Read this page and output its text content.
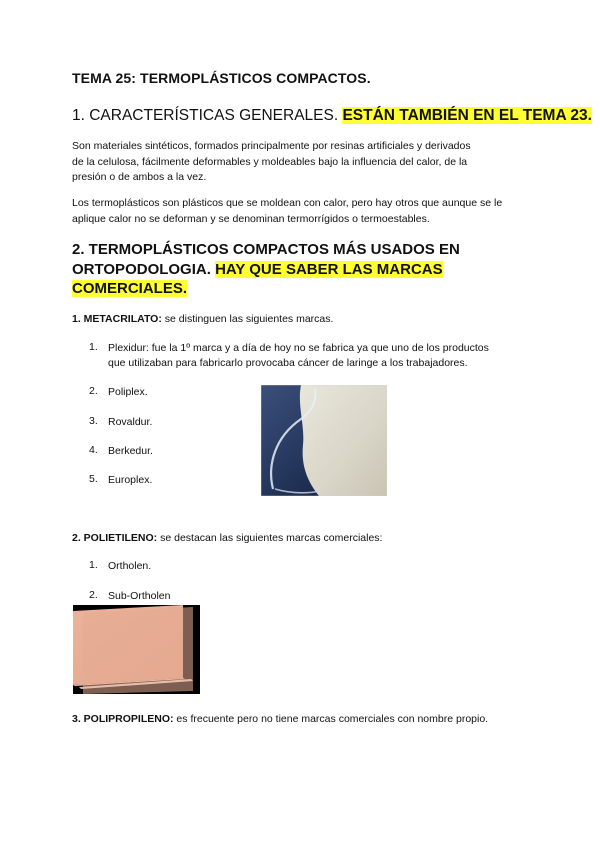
TEMA 25: TERMOPLÁSTICOS COMPACTOS.

1. CARACTERÍSTICAS GENERALES. ESTÁN TAMBIÉN EN EL TEMA 23.

Son materiales sintéticos, formados principalmente por resinas artificiales y derivados
de la celulosa, fácilmente deformables y moldeables bajo la influencia del calor, de la
presión o de ambos a la vez.
Los termoplásticos son plásticos que se moldean con calor, pero hay otros que aunque se le
aplique calor no se deforman y se denominan termorrígidos o termoestables.
2. TERMOPLÁSTICOS COMPACTOS MÁS USADOS EN
ORTOPODOLOGIA. HAY QUE SABER LAS MARCAS
COMERCIALES.

1. METACRILATO: se distinguen las siguientes marcas.

1. Plexidur: fue la 1º marca y a día de hoy no se fabrica ya que uno de los productos
que utilizaban para fabricarlo provocaba cáncer de laringe a los trabajadores.
2. Poliplex.
3. Rovaldur.
4. Berkedur.
5. Europlex.

2. POLIETILENO: se destacan las siguientes marcas comerciales:

1. Ortholen.
2. Sub-Ortholen

3. POLIPROPILENO: es frecuente pero no tiene marcas comerciales con nombre propio.
